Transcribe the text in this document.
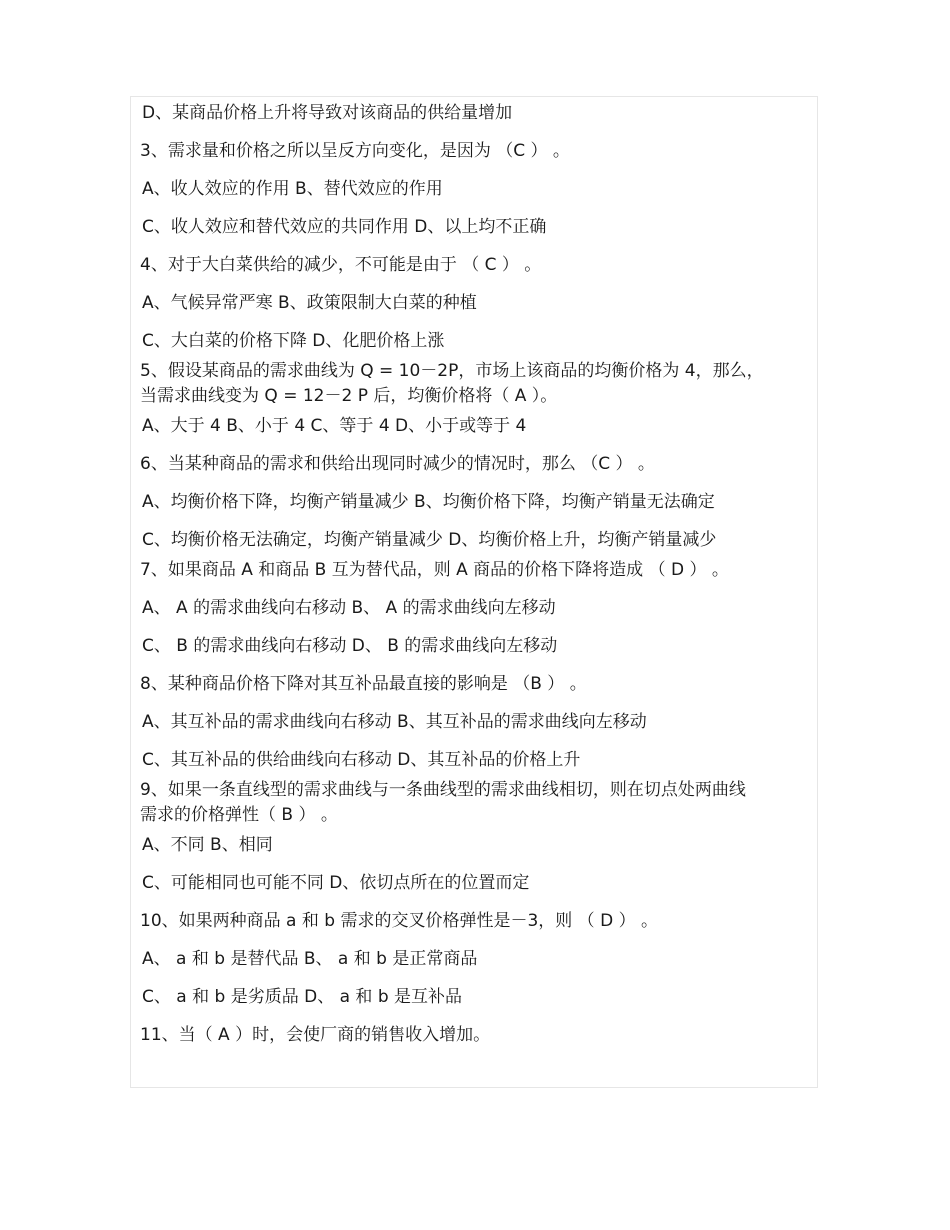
D、某商品价格上升将导致对该商品的供给量增加

3、需求量和价格之所以呈反方向变化，是因为 （C ） 。

A、收人效应的作用 B、替代效应的作用

C、收人效应和替代效应的共同作用 D、以上均不正确

4、对于大白菜供给的减少，不可能是由于 （ C ） 。

A、气候异常严寒 B、政策限制大白菜的种植

C、大白菜的价格下降 D、化肥价格上涨

5、假设某商品的需求曲线为 Q = 10－2P，市场上该商品的均衡价格为 4，那么，

当需求曲线变为 Q = 12－2 P 后，均衡价格将（ A ）。

A、大于 4 B、小于 4 C、等于 4 D、小于或等于 4

6、当某种商品的需求和供给出现同时减少的情况时，那么 （C ） 。

A、均衡价格下降，均衡产销量减少 B、均衡价格下降，均衡产销量无法确定

C、均衡价格无法确定，均衡产销量减少 D、均衡价格上升，均衡产销量减少

7、如果商品 A 和商品 B 互为替代品，则 A 商品的价格下降将造成 （ D ） 。

A、 A 的需求曲线向右移动 B、 A 的需求曲线向左移动

C、 B 的需求曲线向右移动 D、 B 的需求曲线向左移动

8、某种商品价格下降对其互补品最直接的影响是 （B ） 。

A、其互补品的需求曲线向右移动 B、其互补品的需求曲线向左移动

C、其互补品的供给曲线向右移动 D、其互补品的价格上升

9、如果一条直线型的需求曲线与一条曲线型的需求曲线相切，则在切点处两曲线

需求的价格弹性（ B ） 。

A、不同 B、相同

C、可能相同也可能不同 D、依切点所在的位置而定

10、如果两种商品 a 和 b 需求的交叉价格弹性是－3，则 （ D ） 。

A、 a 和 b 是替代品 B、 a 和 b 是正常商品

C、 a 和 b 是劣质品 D、 a 和 b 是互补品

11、当（ A ）时，会使厂商的销售收入增加。
